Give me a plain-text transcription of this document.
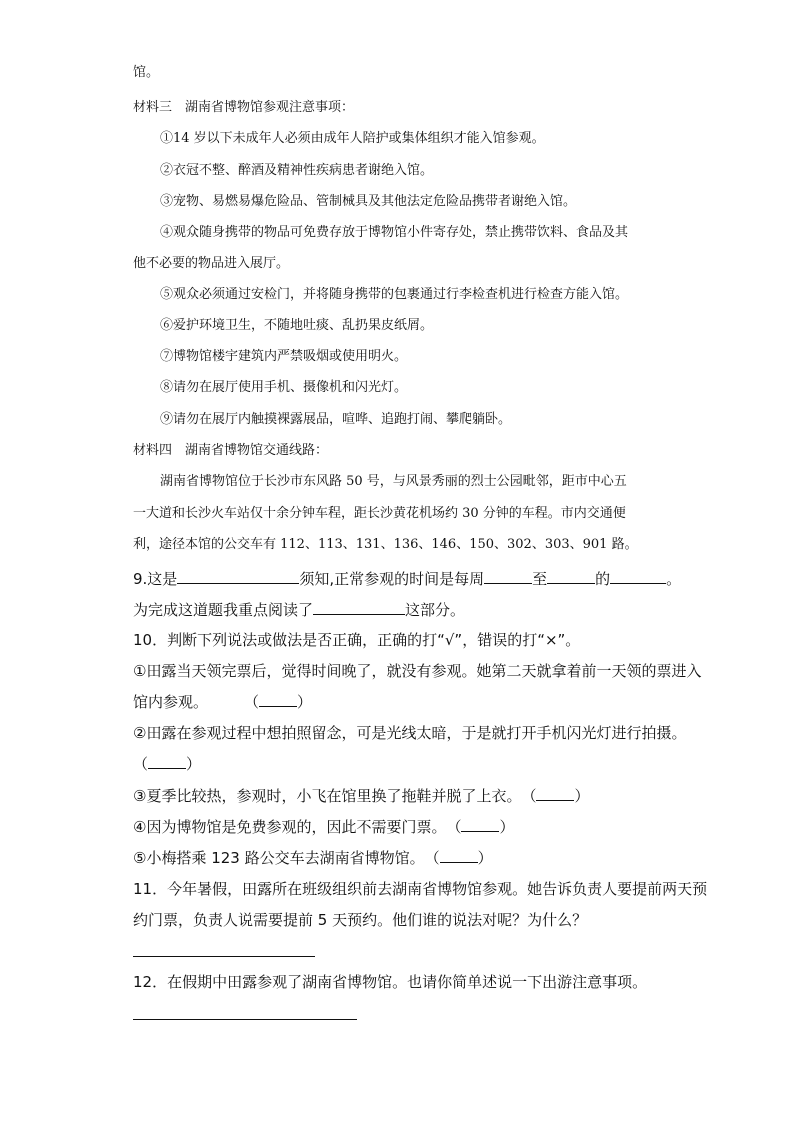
馆。
材料三　湖南省博物馆参观注意事项：
①14 岁以下未成年人必须由成年人陪护或集体组织才能入馆参观。
②衣冠不整、醉酒及精神性疾病患者谢绝入馆。
③宠物、易燃易爆危险品、管制械具及其他法定危险品携带者谢绝入馆。
④观众随身携带的物品可免费存放于博物馆小件寄存处，禁止携带饮料、食品及其
他不必要的物品进入展厅。
⑤观众必须通过安检门，并将随身携带的包裹通过行李检查机进行检查方能入馆。
⑥爱护环境卫生，不随地吐痰、乱扔果皮纸屑。
⑦博物馆楼宇建筑内严禁吸烟或使用明火。
⑧请勿在展厅使用手机、摄像机和闪光灯。
⑨请勿在展厅内触摸裸露展品，喧哗、追跑打闹、攀爬躺卧。
材料四　湖南省博物馆交通线路：
湖南省博物馆位于长沙市东风路 50 号，与风景秀丽的烈士公园毗邻，距市中心五
一大道和长沙火车站仅十余分钟车程，距长沙黄花机场约 30 分钟的车程。市内交通便
利，途径本馆的公交车有 112、113、131、136、146、150、302、303、901 路。
9.这是	须知,正常参观的时间是每周	至	的	。
为完成这道题我重点阅读了	这部分。
10．判断下列说法或做法是否正确，正确的打“√”，错误的打“×”。
①田露当天领完票后，觉得时间晚了，就没有参观。她第二天就拿着前一天领的票进入
馆内参观。 （	）
②田露在参观过程中想拍照留念，可是光线太暗，于是就打开手机闪光灯进行拍摄。
（	）
③夏季比较热，参观时，小飞在馆里换了拖鞋并脱了上衣。（	）
④因为博物馆是免费参观的，因此不需要门票。（	）
⑤小梅搭乘 123 路公交车去湖南省博物馆。（	）
11．今年暑假，田露所在班级组织前去湖南省博物馆参观。她告诉负责人要提前两天预
约门票，负责人说需要提前 5 天预约。他们谁的说法对呢？为什么？
12．在假期中田露参观了湖南省博物馆。也请你简单述说一下出游注意事项。
